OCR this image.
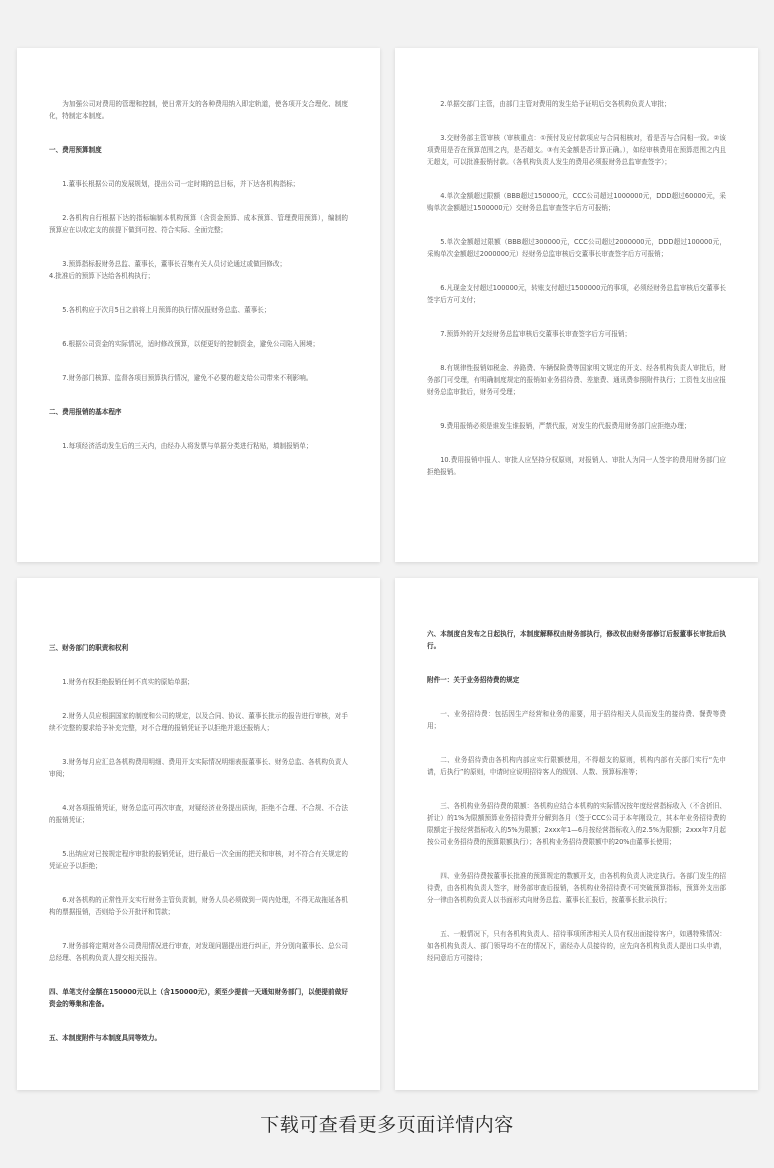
为加强公司对费用的管理和控制，使日常开支的各种费用纳入即定轨道，使各项开支合理化、制度化，特制定本制度。
一、费用预算制度
1.董事长根据公司的发展规划，提出公司一定时期的总目标，并下达各机构指标；
2.各机构自行根据下达的指标编制本机构预算（含资金预算、成本预算、管理费用预算），编制的预算应在以收定支的前提下做到可控、符合实际、全面完整；
3.预算指标报财务总监、董事长，董事长召集有关人员讨论通过或做回修改；
4.批准后的预算下达给各机构执行；
5.各机构应于次月5日之前将上月预算的执行情况报财务总监、董事长；
6.根据公司资金的实际情况，适时修改预算，以便更好的控制资金，避免公司陷入困境；
7.财务部门核算、监督各项目预算执行情况，避免不必要的超支给公司带来不利影响。
二、费用报销的基本程序
1.每项经济活动发生后的三天内，由经办人将发票与单据分类进行粘贴，填制报销单；
2.单据交部门主管，由部门主管对费用的发生给予证明后交各机构负责人审批；
3.交财务部主管审核（审核重点：①预付及应付款项应与合同相核对，看是否与合同相一致。②该项费用是否在预算范围之内，是否超支。③有关金额是否计算正确。），如经审核费用在预算范围之内且无超支，可以批准报销付款。（各机构负责人发生的费用必须报财务总监审查签字）；
4.单次金额超过限额（BBB超过150000元，CCC公司超过1000000元，DDD超过60000元，采购单次金额超过1500000元）交财务总监审查签字后方可报销；
5.单次金额超过限额（BBB超过300000元，CCC公司超过2000000元，DDD超过100000元，采购单次金额超过2000000元）经财务总监审核后交董事长审查签字后方可报销；
6.凡现金支付超过100000元，转账支付超过1500000元的事项，必须经财务总监审核后交董事长签字后方可支付；
7.预算外的开支经财务总监审核后交董事长审查签字后方可报销；
8.有规律性报销如税金、养路费、车辆保险费等国家明文规定的开支、经各机构负责人审批后，财务部门可受理，有明确制度规定的报销如业务招待费、差旅费、通讯费参照附件执行；工资性支出应报财务总监审批后，财务可受理；
9.费用报销必须是谁发生谁报销，严禁代报，对发生的代报费用财务部门应拒绝办理；
10.费用报销申报人、审批人应坚持分权原则，对报销人、审批人为同一人签字的费用财务部门应拒绝报销。
三、财务部门的职责和权利
1.财务有权拒绝报销任何不真实的原始单据；
2.财务人员应根据国家的制度和公司的规定，以及合同、协议、董事长批示的报告进行审核，对手续不完整的要求给予补充完整，对不合理的报销凭证予以拒绝并退还报销人；
3.财务每月应汇总各机构费用明细、费用开支实际情况明细表报董事长、财务总监、各机构负责人审阅；
4.对各项报销凭证，财务总监可再次审查，对疑经济业务提出质询，拒绝不合理、不合规、不合法的报销凭证；
5.出纳应对已按规定程序审批的报销凭证，进行最后一次全面的把关和审核，对不符合有关规定的凭证应予以拒绝；
6.对各机构的正常性开支实行财务主管负责制，财务人员必须做到一周内处理，不得无故拖延各机构的票据报销，否则给予公开批评和罚款；
7.财务部将定期对各公司费用情况进行审查，对发现问题提出进行纠正，并分别向董事长、总公司总经理、各机构负责人提交相关报告。
四、单笔支付金额在150000元以上（含150000元），须至少提前一天通知财务部门，以便提前做好资金的筹集和准备。
五、本制度附件与本制度具同等效力。
六、本制度自发布之日起执行，本制度解释权由财务部执行，修改权由财务部修订后报董事长审批后执行。
附件一：关于业务招待费的规定
一、业务招待费：包括因生产经营和业务的需要，用于招待相关人员而发生的接待费、餐费等费用；
二、业务招待费由各机构内部应实行限额使用，不得超支的原则，机构内部有关部门实行“先申请，后执行”的原则，申请时应说明招待客人的级别、人数、预算标准等；
三、各机构业务招待费的限额：各机构应结合本机构的实际情况按年度经营指标收入（不含折旧、折让）的1%为限额预算业务招待费并分解到各月（签于CCC公司于本年刚设立，其本年业务招待费的限额定于按经营指标收入的5%为限额；2xxx年1—6月按经营指标收入的2.5%为限额；2xxx年7月起按公司业务招待费的预算限额执行）；各机构业务招待费限额中的20%由董事长使用；
四、业务招待费按董事长批准的预算规定的数额开支，由各机构负责人决定执行。各部门发生的招待费，由各机构负责人签字，财务部审查后报销，各机构业务招待费不可突破预算指标，预算外支出部分一律由各机构负责人以书面形式向财务总监、董事长汇报后，按董事长批示执行；
五、一般情况下，只有各机构负责人、招待事项所涉相关人员有权出面接待客户，如遇特殊情况：如各机构负责人、部门领导均不在的情况下，需经办人员接待的，应先向各机构负责人提出口头申请，经同意后方可接待；
下载可查看更多页面详情内容
